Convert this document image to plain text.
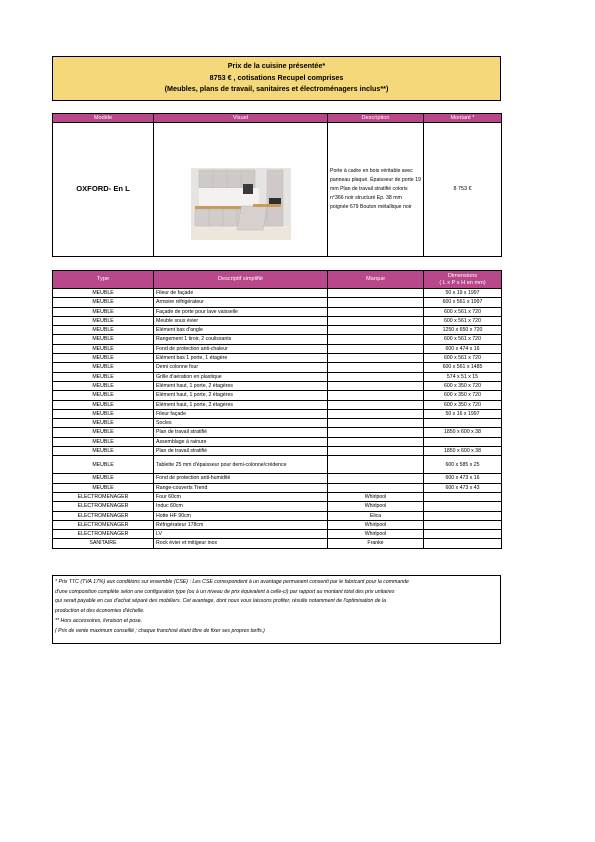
Prix de la cuisine présentée*
8753 € , cotisations Recupel comprises
(Meubles, plans de travail, sanitaires et électroménagers inclus**)
Modèle	Visuel	Description	Montant *
OXFORD- En L		Porte à cadre en bois véritable avec panneau plaqué. Épaisseur de porte 19 mm Plan de travail stratifié coloris n°366 noir structuré Ep. 38 mm poignée 679 Bouton métallique noir	8 753 €
Type	Descriptif simplifié	Marque	Dimensions
( L x P x H en mm)

MEUBLE	Fileur de façade		50 x 19 x 1997
MEUBLE	Armoire réfrigérateur		600 x 561 x 1997
MEUBLE	Façade de porte pour lave vaisselle		600 x 561 x 720
MEUBLE	Meuble sous évier		600 x 561 x 720
MEUBLE	Elément bas d'angle		1250 x 650 x 720
MEUBLE	Rangement 1 tiroir, 2 coulissants		600 x 561 x 720
MEUBLE	Fond de protection anti-chaleur		600 x 474 x 16
MEUBLE	Elément bas 1 porte, 1 étagère		600 x 561 x 720
MEUBLE	Demi colonne four		600 x 561 x 1485
MEUBLE	Grille d'aération en plastique		574 x 51 x 15
MEUBLE	Elément haut, 1 porte, 2 étagères		600 x 350 x 720
MEUBLE	Elément haut, 1 porte, 2 étagères		600 x 350 x 720
MEUBLE	Elément haut, 1 porte, 2 étagères		600 x 350 x 720
MEUBLE	Fileur façade		50 x 16 x 1997
MEUBLE	Socles		
MEUBLE	Plan de travail stratifié		1850 x 600 x 38
MEUBLE	Assemblage à rainure		
MEUBLE	Plan de travail stratifié		1850 x 600 x 38
MEUBLE	Tablette 25 mm d'épaisseur pour demi-colonne/crédence		600 x 585 x 25
MEUBLE	Fond de protection anti-humidité		600 x 473 x 16
MEUBLE	Range-couverts Trend		600 x 473 x 43
ELECTROMENAGER	Four 60cm	Whirlpool	
ELECTROMENAGER	Induc 60cm	Whirlpool	
ELECTROMENAGER	Hotte HF 90cm	Elica	
ELECTROMENAGER	Réfrigérateur 178cm	Whirlpool	
ELECTROMENAGER	LV	Whirlpool	
SANITAIRE	Rock évier et mitigeur inox	Franke	
* Prix TTC (TVA 17%) aux conditions sur ensemble (CSE) : Les CSE correspondent à un avantage permanent consenti par le fabricant pour la commande
d'une composition complète selon une configuration type (ou à un niveau de prix équivalent à celle-ci) par rapport au montant total des prix unitaires
qui serait payable en cas d'achat séparé des mobiliers. Cet avantage, dont nous vous laissons profiter, résulte notamment de l'optimisation de la
production et des économies d'échelle.
** Hors accessoires, livraison et pose.
( Prix de vente maximum conseillé ; chaque franchisé étant libre de fixer ses propres tarifs.)
